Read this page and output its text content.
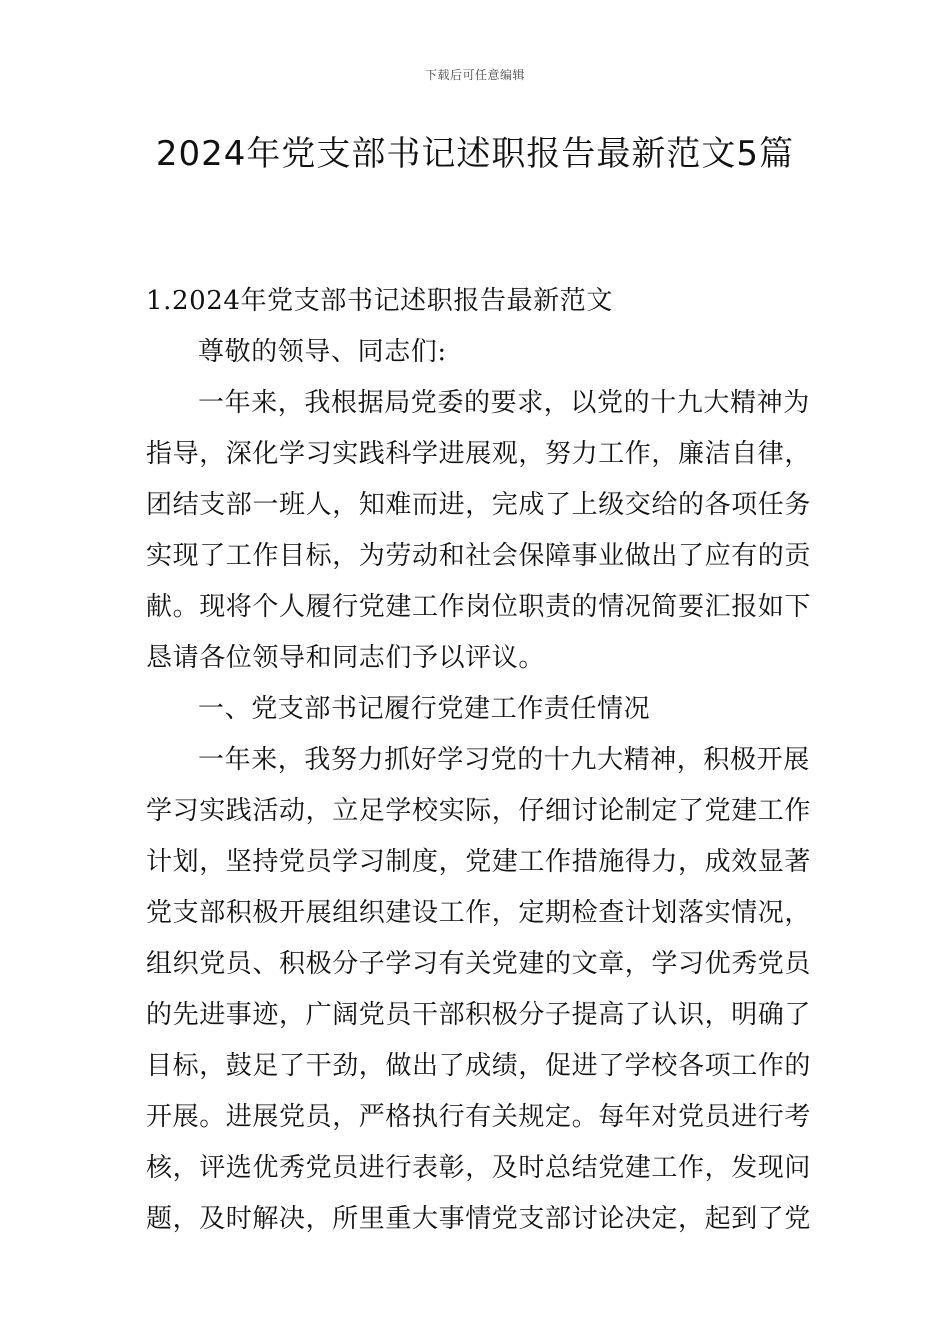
下载后可任意编辑
2024年党支部书记述职报告最新范文5篇
1.2024年党支部书记述职报告最新范文
尊敬的领导、同志们:
一年来，我根据局党委的要求，以党的十九大精神为
指导，深化学习实践科学进展观，努力工作，廉洁自律，
团结支部一班人，知难而进，完成了上级交给的各项任务
实现了工作目标，为劳动和社会保障事业做出了应有的贡
献。现将个人履行党建工作岗位职责的情况简要汇报如下
恳请各位领导和同志们予以评议。
一、党支部书记履行党建工作责任情况
一年来，我努力抓好学习党的十九大精神，积极开展
学习实践活动，立足学校实际，仔细讨论制定了党建工作
计划，坚持党员学习制度，党建工作措施得力，成效显著
党支部积极开展组织建设工作，定期检查计划落实情况，
组织党员、积极分子学习有关党建的文章，学习优秀党员
的先进事迹，广阔党员干部积极分子提高了认识，明确了
目标，鼓足了干劲，做出了成绩，促进了学校各项工作的
开展。进展党员，严格执行有关规定。每年对党员进行考
核，评选优秀党员进行表彰，及时总结党建工作，发现问
题，及时解决，所里重大事情党支部讨论决定，起到了党
